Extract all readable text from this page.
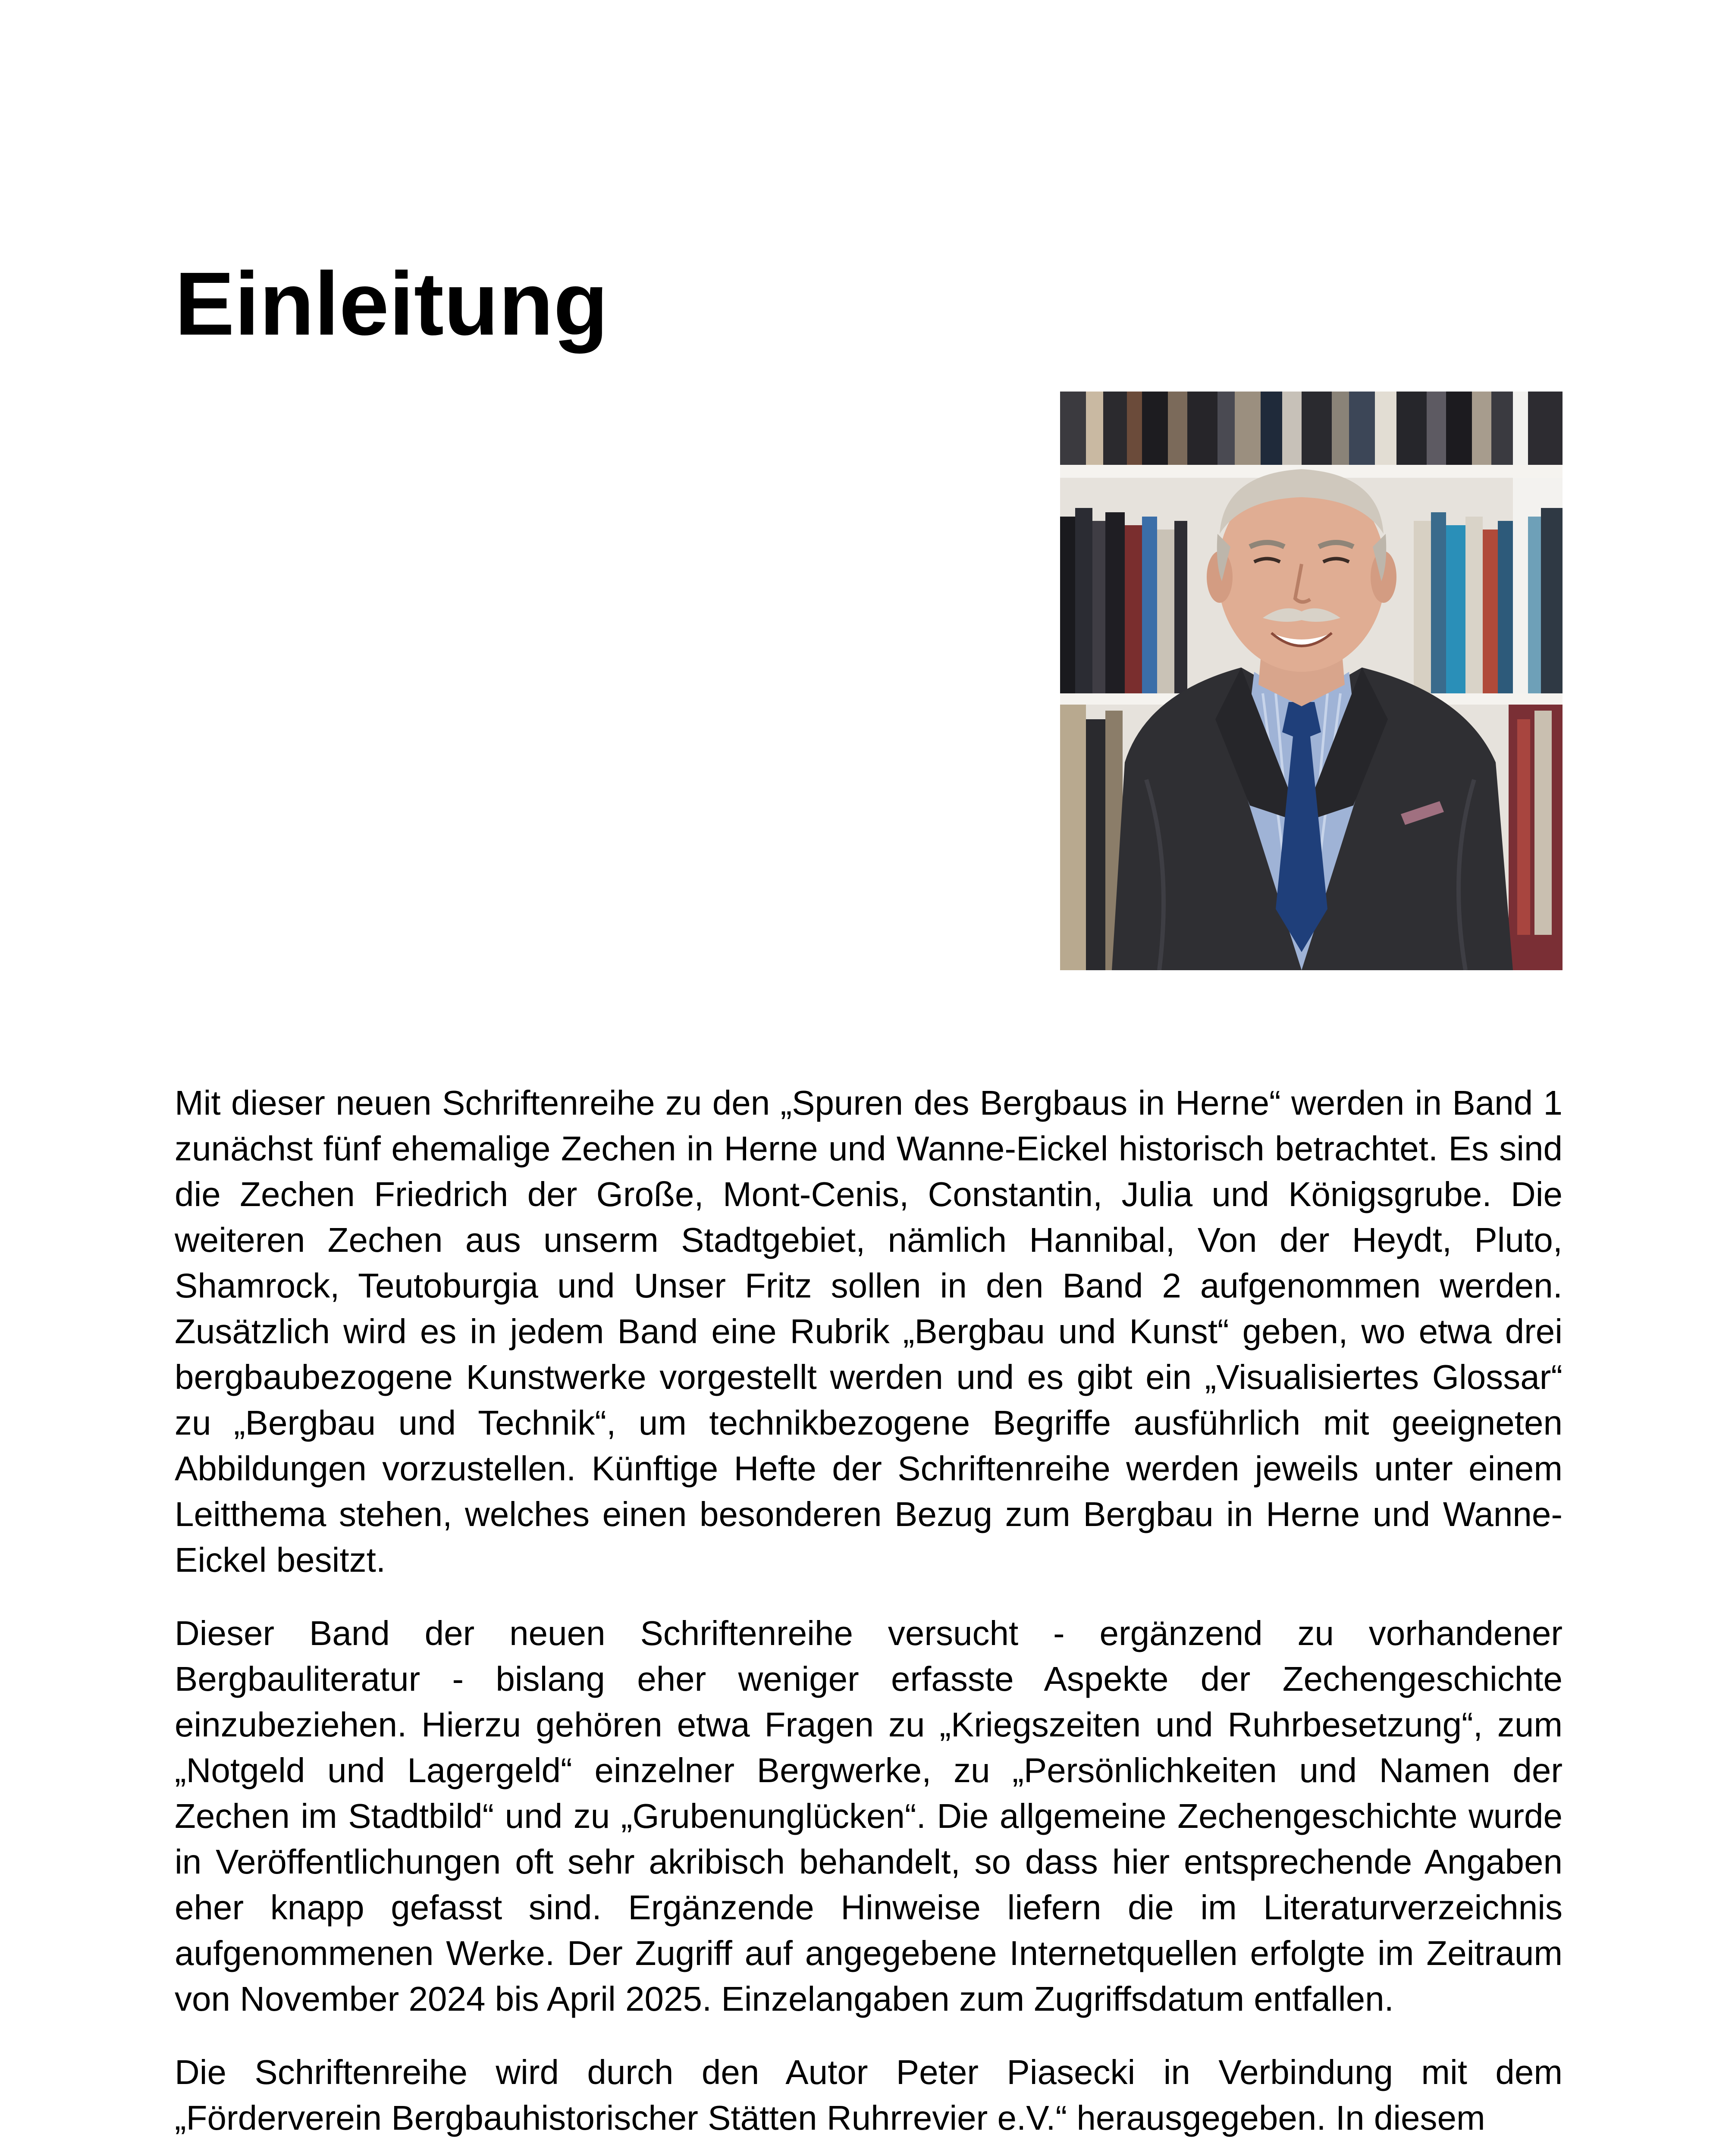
Einleitung

Mit dieser neuen Schriftenreihe zu den „Spuren des Bergbaus in Herne“ werden in Band 1 zunächst fünf ehemalige Zechen in Herne und Wanne-Eickel historisch betrachtet. Es sind die Zechen Friedrich der Große, Mont-Cenis, Constantin, Julia und Königsgrube. Die weiteren Zechen aus unserm Stadtgebiet, nämlich Hannibal, Von der Heydt, Pluto, Shamrock, Teutoburgia und Unser Fritz sollen in den Band 2 aufgenommen werden. Zusätzlich wird es in jedem Band eine Rubrik „Bergbau und Kunst“ geben, wo etwa drei bergbaubezogene Kunstwerke vorgestellt werden und es gibt ein „Visualisiertes Glossar“ zu „Bergbau und Technik“, um technikbezogene Begriffe ausführlich mit geeigneten Abbildungen vorzustellen. Künftige Hefte der Schriftenreihe werden jeweils unter einem Leitthema stehen, welches einen besonderen Bezug zum Bergbau in Herne und Wanne-Eickel besitzt.

Dieser Band der neuen Schriftenreihe versucht - ergänzend zu vorhandener Bergbauliteratur - bislang eher weniger erfasste Aspekte der Zechengeschichte einzubeziehen. Hierzu gehören etwa Fragen zu „Kriegszeiten und Ruhrbesetzung“, zum „Notgeld und Lagergeld“ einzelner Bergwerke, zu „Persönlichkeiten und Namen der Zechen im Stadtbild“ und zu „Grubenunglücken“. Die allgemeine Zechengeschichte wurde in Veröffentlichungen oft sehr akribisch behandelt, so dass hier entsprechende Angaben eher knapp gefasst sind. Ergänzende Hinweise liefern die im Literaturverzeichnis aufgenommenen Werke. Der Zugriff auf angegebene Internetquellen erfolgte im Zeitraum von November 2024 bis April 2025. Einzelangaben zum Zugriffsdatum entfallen.

Die Schriftenreihe wird durch den Autor Peter Piasecki in Verbindung mit dem „Förderverein Bergbauhistorischer Stätten Ruhrrevier e.V.“ herausgegeben. In diesem
